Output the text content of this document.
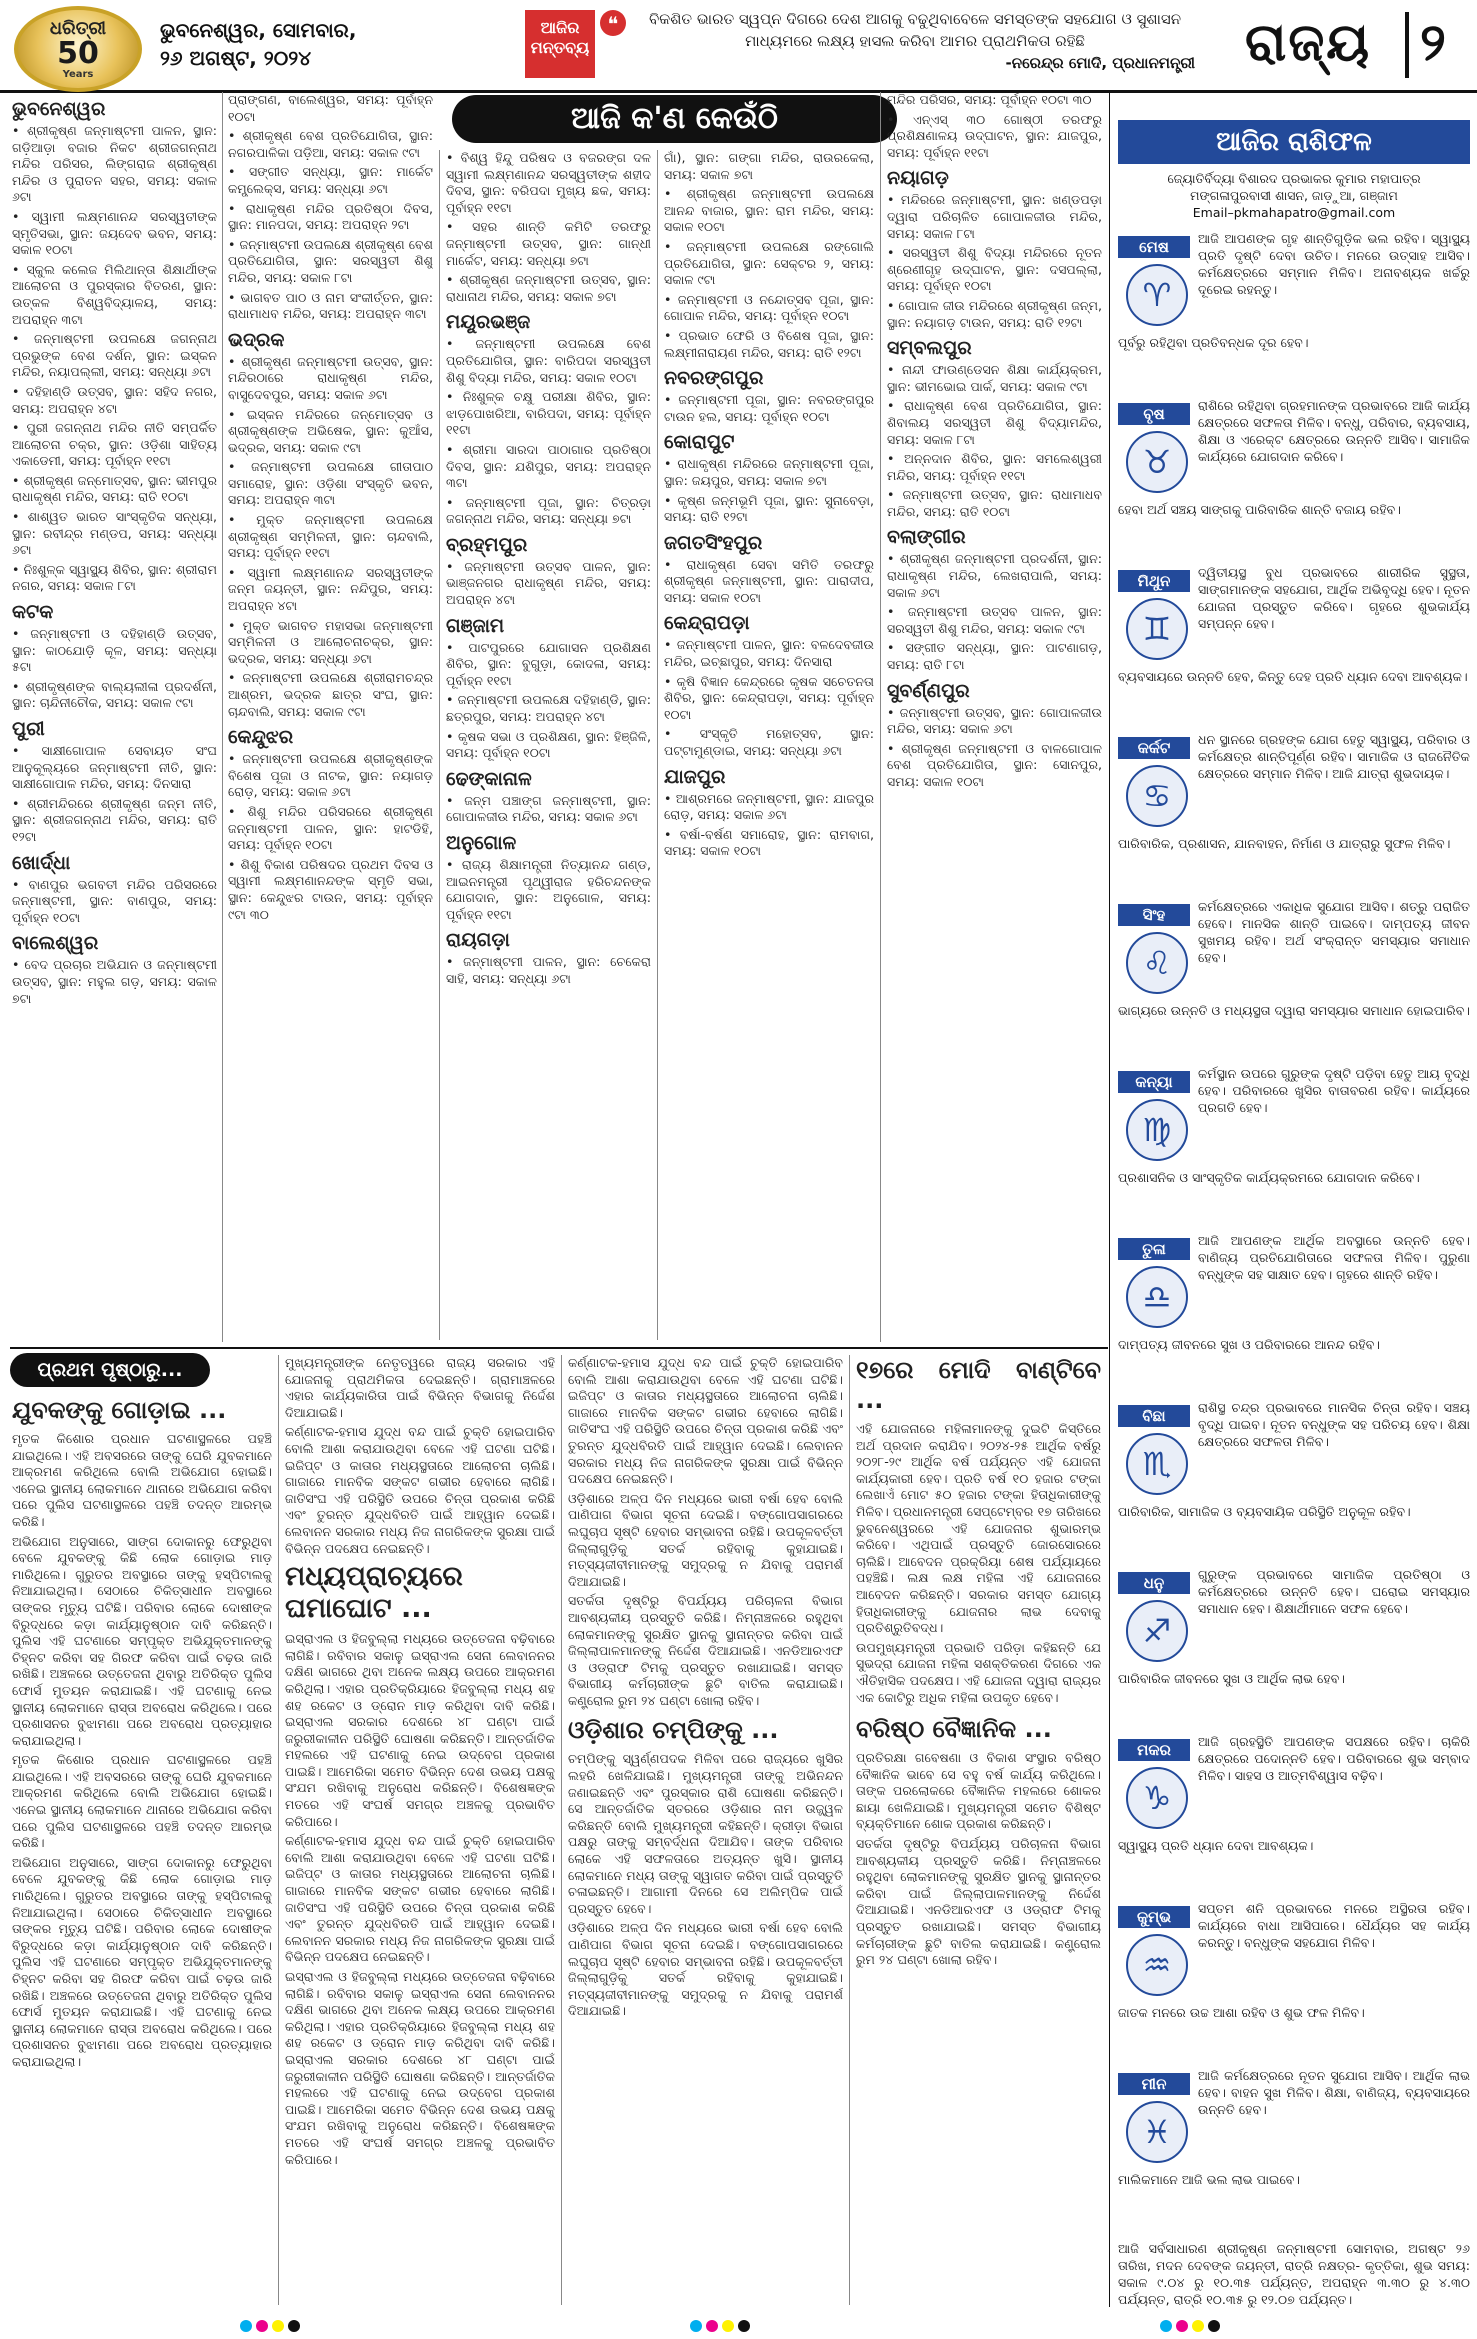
ଧରିତ୍ରୀ
50
Years
ଭୁବନେଶ୍ୱର, ସୋମବାର,
୨୬ ଅଗଷ୍ଟ, ୨୦୨୪
ଆଜିର ମନ୍ତବ୍ୟ
❝	ବିକଶିତ ଭାରତ ସ୍ୱପ୍ନ ଦିଗରେ ଦେଶ ଆଗକୁ ବଢୁଥିବାବେଳେ ସମସ୍ତଙ୍କ ସହଯୋଗ ଓ ସୁଶାସନ ମାଧ୍ୟମରେ ଲକ୍ଷ୍ୟ ହାସଲ କରିବା ଆମର ପ୍ରାଥମିକତା ରହିଛି
-ନରେନ୍ଦ୍ର ମୋଦି, ପ୍ରଧାନମନ୍ତ୍ରୀ ରାଜ୍ୟ ୨
ଆଜି କ'ଣ କେଉଁଠି
ଭୁବନେଶ୍ୱର

• ଶ୍ରୀକୃଷ୍ଣ ଜନ୍ମାଷ୍ଟମୀ ପାଳନ, ସ୍ଥାନ: ଗଡ଼ିଆଡ଼ା ବଜାର ନିକଟ ଶ୍ରୀଜଗନ୍ନାଥ ମନ୍ଦିର ପରିସର, ଲିଙ୍ଗରାଜ ଶ୍ରୀକୃଷ୍ଣ ମନ୍ଦିର ଓ ପୁରାତନ ସହର, ସମୟ: ସକାଳ ୬ଟା

• ସ୍ୱାମୀ ଲକ୍ଷ୍ମଣାନନ୍ଦ ସରସ୍ୱତୀଙ୍କ ସ୍ମୃତିସଭା, ସ୍ଥାନ: ଜୟଦେବ ଭବନ, ସମୟ: ସକାଳ ୧୦ଟା

• ସ୍କୁଲ କଲେଜ ମିଲିଥାନ୍ତା ଶିକ୍ଷାର୍ଥୀଙ୍କ ଆଲୋଚନା ଓ ପୁରସ୍କାର ବିତରଣ, ସ୍ଥାନ: ଉତ୍କଳ ବିଶ୍ୱବିଦ୍ୟାଳୟ, ସମୟ: ଅପରାହ୍ନ ୩ଟା

• ଜନ୍ମାଷ୍ଟମୀ ଉପଲକ୍ଷେ ଜଗନ୍ନାଥ ପ୍ରଭୁଙ୍କ ବେଶ ଦର୍ଶନ, ସ୍ଥାନ: ଇସ୍କନ ମନ୍ଦିର, ନୟାପଲ୍ଲୀ, ସମୟ: ସନ୍ଧ୍ୟା ୬ଟା

• ଦହିହାଣ୍ଡି ଉତ୍ସବ, ସ୍ଥାନ: ସହିଦ ନଗର, ସମୟ: ଅପରାହ୍ନ ୪ଟା

• ପୁରୀ ଜଗନ୍ନାଥ ମନ୍ଦିର ନୀତି ସମ୍ପର୍କିତ ଆଲୋଚନା ଚକ୍ର, ସ୍ଥାନ: ଓଡ଼ିଶା ସାହିତ୍ୟ ଏକାଡେମୀ, ସମୟ: ପୂର୍ବାହ୍ନ ୧୧ଟା

• ଶ୍ରୀକୃଷ୍ଣ ଜନ୍ମୋତ୍ସବ, ସ୍ଥାନ: ଭୀମପୁର ରାଧାକୃଷ୍ଣ ମନ୍ଦିର, ସମୟ: ରାତି ୧୦ଟା

• ଶାଶ୍ୱତ ଭାରତ ସାଂସ୍କୃତିକ ସନ୍ଧ୍ୟା, ସ୍ଥାନ: ରବୀନ୍ଦ୍ର ମଣ୍ଡପ, ସମୟ: ସନ୍ଧ୍ୟା ୬ଟା

• ନିଃଶୁଳ୍କ ସ୍ୱାସ୍ଥ୍ୟ ଶିବିର, ସ୍ଥାନ: ଶ୍ରୀରାମ ନଗର, ସମୟ: ସକାଳ ୮ଟା

କଟକ

• ଜନ୍ମାଷ୍ଟମୀ ଓ ଦହିହାଣ୍ଡି ଉତ୍ସବ, ସ୍ଥାନ: କାଠଯୋଡ଼ି କୂଳ, ସମୟ: ସନ୍ଧ୍ୟା ୫ଟା

• ଶ୍ରୀକୃଷ୍ଣଙ୍କ ବାଲ୍ୟଲୀଳା ପ୍ରଦର୍ଶନୀ, ସ୍ଥାନ: ଚାନ୍ଦିନୀଚୌକ, ସମୟ: ସକାଳ ୯ଟା

ପୁରୀ

• ସାକ୍ଷୀଗୋପାଳ ସେବାୟତ ସଂଘ ଆନୁକୂଲ୍ୟରେ ଜନ୍ମାଷ୍ଟମୀ ନୀତି, ସ୍ଥାନ: ସାକ୍ଷୀଗୋପାଳ ମନ୍ଦିର, ସମୟ: ଦିନସାରା

• ଶ୍ରୀମନ୍ଦିରରେ ଶ୍ରୀକୃଷ୍ଣ ଜନ୍ମ ନୀତି, ସ୍ଥାନ: ଶ୍ରୀଜଗନ୍ନାଥ ମନ୍ଦିର, ସମୟ: ରାତି ୧୨ଟା

ଖୋର୍ଦ୍ଧା

• ବାଣପୁର ଭଗବତୀ ମନ୍ଦିର ପରିସରରେ ଜନ୍ମାଷ୍ଟମୀ, ସ୍ଥାନ: ବାଣପୁର, ସମୟ: ପୂର୍ବାହ୍ନ ୧୦ଟା

ବାଲେଶ୍ୱର

• ବେଦ ପ୍ରଚାର ଅଭିଯାନ ଓ ଜନ୍ମାଷ୍ଟମୀ ଉତ୍ସବ, ସ୍ଥାନ: ମହୁଲ ଗଡ଼, ସମୟ: ସକାଳ ୭ଟା

ପ୍ରାଙ୍ଗଣ, ବାଲେଶ୍ୱର, ସମୟ: ପୂର୍ବାହ୍ନ ୧୦ଟା

• ଶ୍ରୀକୃଷ୍ଣ ବେଶ ପ୍ରତିଯୋଗିତା, ସ୍ଥାନ: ନଗରପାଳିକା ପଡ଼ିଆ, ସମୟ: ସକାଳ ୯ଟା

• ସଙ୍ଗୀତ ସନ୍ଧ୍ୟା, ସ୍ଥାନ: ମାର୍କେଟ କମ୍ପ୍ଲେକ୍ସ, ସମୟ: ସନ୍ଧ୍ୟା ୬ଟା

• ରାଧାକୃଷ୍ଣ ମନ୍ଦିର ପ୍ରତିଷ୍ଠା ଦିବସ, ସ୍ଥାନ: ମାନପଦା, ସମୟ: ଅପରାହ୍ନ ୨ଟା

• ଜନ୍ମାଷ୍ଟମୀ ଉପଲକ୍ଷେ ଶ୍ରୀକୃଷ୍ଣ ବେଶ ପ୍ରତିଯୋଗିତା, ସ୍ଥାନ: ସରସ୍ୱତୀ ଶିଶୁ ମନ୍ଦିର, ସମୟ: ସକାଳ ୮ଟା

• ଭାଗବତ ପାଠ ଓ ନାମ ସଂକୀର୍ତ୍ତନ, ସ୍ଥାନ: ରାଧାମାଧବ ମନ୍ଦିର, ସମୟ: ଅପରାହ୍ନ ୩ଟା

ଭଦ୍ରକ

• ଶ୍ରୀକୃଷ୍ଣ ଜନ୍ମାଷ୍ଟମୀ ଉତ୍ସବ, ସ୍ଥାନ: ମନ୍ଦିରଠାରେ ରାଧାକୃଷ୍ଣ ମନ୍ଦିର, ବାସୁଦେବପୁର, ସମୟ: ସକାଳ ୬ଟା

• ଇସ୍କନ ମନ୍ଦିରରେ ଜନ୍ମୋତ୍ସବ ଓ ଶ୍ରୀକୃଷ୍ଣଙ୍କ ଅଭିଷେକ, ସ୍ଥାନ: କୁଆଁସ, ଭଦ୍ରକ, ସମୟ: ସକାଳ ୯ଟା

• ଜନ୍ମାଷ୍ଟମୀ ଉପଲକ୍ଷେ ଗୀତାପାଠ ସମାରୋହ, ସ୍ଥାନ: ଓଡ଼ିଶା ସଂସ୍କୃତି ଭବନ, ସମୟ: ଅପରାହ୍ନ ୩ଟା

• ମୁକ୍ତ ଜନ୍ମାଷ୍ଟମୀ ଉପଲକ୍ଷେ ଶ୍ରୀକୃଷ୍ଣ ସମ୍ମିଳନୀ, ସ୍ଥାନ: ଚାନ୍ଦବାଲି, ସମୟ: ପୂର୍ବାହ୍ନ ୧୧ଟା

• ସ୍ୱାମୀ ଲକ୍ଷ୍ମଣାନନ୍ଦ ସରସ୍ୱତୀଙ୍କ ଜନ୍ମ ଜୟନ୍ତୀ, ସ୍ଥାନ: ନନ୍ଦିପୁର, ସମୟ: ଅପରାହ୍ନ ୪ଟା

• ମୁକ୍ତ ଭାଗବତ ମହାସଭା ଜନ୍ମାଷ୍ଟମୀ ସମ୍ମିଳନୀ ଓ ଆଲୋଚନାଚକ୍ର, ସ୍ଥାନ: ଭଦ୍ରକ, ସମୟ: ସନ୍ଧ୍ୟା ୬ଟା

• ଜନ୍ମାଷ୍ଟମୀ ଉପଲକ୍ଷେ ଶ୍ରୀରାମଚନ୍ଦ୍ର ଆଶ୍ରମ, ଭଦ୍ରକ ଛାତ୍ର ସଂଘ, ସ୍ଥାନ: ଚାନ୍ଦବାଲି, ସମୟ: ସକାଳ ୯ଟା

କେନ୍ଦୁଝର

• ଜନ୍ମାଷ୍ଟମୀ ଉପଲକ୍ଷେ ଶ୍ରୀକୃଷ୍ଣଙ୍କ ବିଶେଷ ପୂଜା ଓ ନାଟକ, ସ୍ଥାନ: ନୟାଗଡ଼ ରୋଡ଼, ସମୟ: ସକାଳ ୬ଟା

• ଶିଶୁ ମନ୍ଦିର ପରିସରରେ ଶ୍ରୀକୃଷ୍ଣ ଜନ୍ମାଷ୍ଟମୀ ପାଳନ, ସ୍ଥାନ: ହାଟଡିହି, ସମୟ: ପୂର୍ବାହ୍ନ ୧୦ଟା

• ଶିଶୁ ବିକାଶ ପରିଷଦର ପ୍ରଥମ ଦିବସ ଓ ସ୍ୱାମୀ ଲକ୍ଷ୍ମଣାନନ୍ଦଙ୍କ ସ୍ମୃତି ସଭା, ସ୍ଥାନ: କେନ୍ଦୁଝର ଟାଉନ, ସମୟ: ପୂର୍ବାହ୍ନ ୯ଟା ୩୦

• ବିଶ୍ୱ ହିନ୍ଦୁ ପରିଷଦ ଓ ବଜରଙ୍ଗ ଦଳ ସ୍ୱାମୀ ଲକ୍ଷ୍ମଣାନନ୍ଦ ସରସ୍ୱତୀଙ୍କ ଶହୀଦ ଦିବସ, ସ୍ଥାନ: ବରିପଦା ମୁଖ୍ୟ ଛକ, ସମୟ: ପୂର୍ବାହ୍ନ ୧୧ଟା

• ସହର ଶାନ୍ତି କମିଟି ତରଫରୁ ଜନ୍ମାଷ୍ଟମୀ ଉତ୍ସବ, ସ୍ଥାନ: ଗାନ୍ଧୀ ମାର୍କେଟ, ସମୟ: ସନ୍ଧ୍ୟା ୭ଟା

• ଶ୍ରୀକୃଷ୍ଣ ଜନ୍ମାଷ୍ଟମୀ ଉତ୍ସବ, ସ୍ଥାନ: ରାଧାନାଥ ମନ୍ଦିର, ସମୟ: ସକାଳ ୭ଟା

ମୟୂରଭଞ୍ଜ

• ଜନ୍ମାଷ୍ଟମୀ ଉପଲକ୍ଷେ ବେଶ ପ୍ରତିଯୋଗିତା, ସ୍ଥାନ: ବାରିପଦା ସରସ୍ୱତୀ ଶିଶୁ ବିଦ୍ୟା ମନ୍ଦିର, ସମୟ: ସକାଳ ୧୦ଟା

• ନିଃଶୁଳ୍କ ଚକ୍ଷୁ ପରୀକ୍ଷା ଶିବିର, ସ୍ଥାନ: ଝାଡ଼ପୋଖରିଆ, ବାରିପଦା, ସମୟ: ପୂର୍ବାହ୍ନ ୧୧ଟା

• ଶ୍ରୀମା ସାରଦା ପାଠାଗାର ପ୍ରତିଷ୍ଠା ଦିବସ, ସ୍ଥାନ: ଯଶିପୁର, ସମୟ: ଅପରାହ୍ନ ୩ଟା

• ଜନ୍ମାଷ୍ଟମୀ ପୂଜା, ସ୍ଥାନ: ଚିତ୍ରଡ଼ା ଜଗନ୍ନାଥ ମନ୍ଦିର, ସମୟ: ସନ୍ଧ୍ୟା ୭ଟା

ବ୍ରହ୍ମପୁର

• ଜନ୍ମାଷ୍ଟମୀ ଉତ୍ସବ ପାଳନ, ସ୍ଥାନ: ଭାଞ୍ଜନଗର ରାଧାକୃଷ୍ଣ ମନ୍ଦିର, ସମୟ: ଅପରାହ୍ନ ୪ଟା

ଗଞ୍ଜାମ

• ପାଟପୁରରେ ଯୋଗାସନ ପ୍ରଶିକ୍ଷଣ ଶିବିର, ସ୍ଥାନ: ବୁଗୁଡ଼ା, କୋଦଳା, ସମୟ: ପୂର୍ବାହ୍ନ ୧୧ଟା

• ଜନ୍ମାଷ୍ଟମୀ ଉପଲକ୍ଷେ ଦହିହାଣ୍ଡି, ସ୍ଥାନ: ଛତ୍ରପୁର, ସମୟ: ଅପରାହ୍ନ ୪ଟା

• କୃଷକ ସଭା ଓ ପ୍ରଶିକ୍ଷଣ, ସ୍ଥାନ: ହିଞ୍ଜିଳି, ସମୟ: ପୂର୍ବାହ୍ନ ୧୦ଟା

ଢେଙ୍କାନାଳ

• ଜନ୍ମ ପଞ୍ଚାଙ୍ଗ ଜନ୍ମାଷ୍ଟମୀ, ସ୍ଥାନ: ଗୋପାଳଜୀଉ ମନ୍ଦିର, ସମୟ: ସକାଳ ୬ଟା

ଅନୁଗୋଳ

• ରାଜ୍ୟ ଶିକ୍ଷାମନ୍ତ୍ରୀ ନିତ୍ୟାନନ୍ଦ ଗଣ୍ଡ, ଆଇନମନ୍ତ୍ରୀ ପୃଥ୍ୱୀରାଜ ହରିଚନ୍ଦନଙ୍କ ଯୋଗଦାନ, ସ୍ଥାନ: ଅନୁଗୋଳ, ସମୟ: ପୂର୍ବାହ୍ନ ୧୧ଟା

ରାୟଗଡ଼ା

• ଜନ୍ମାଷ୍ଟମୀ ପାଳନ, ସ୍ଥାନ: ଚେକେରା ସାହି, ସମୟ: ସନ୍ଧ୍ୟା ୬ଟା

ଗାଁ), ସ୍ଥାନ: ଗଙ୍ଗା ମନ୍ଦିର, ରାଉରକେଲା, ସମୟ: ସକାଳ ୭ଟା

• ଶ୍ରୀକୃଷ୍ଣ ଜନ୍ମାଷ୍ଟମୀ ଉପଲକ୍ଷେ ଆନନ୍ଦ ବାଜାର, ସ୍ଥାନ: ରାମ ମନ୍ଦିର, ସମୟ: ସକାଳ ୧୦ଟା

• ଜନ୍ମାଷ୍ଟମୀ ଉପଲକ୍ଷେ ରଙ୍ଗୋଲି ପ୍ରତିଯୋଗିତା, ସ୍ଥାନ: ସେକ୍ଟର ୨, ସମୟ: ସକାଳ ୯ଟା

• ଜନ୍ମାଷ୍ଟମୀ ଓ ନନ୍ଦୋତ୍ସବ ପୂଜା, ସ୍ଥାନ: ଗୋପାଳ ମନ୍ଦିର, ସମୟ: ପୂର୍ବାହ୍ନ ୧୦ଟା

• ପ୍ରଭାତ ଫେରି ଓ ବିଶେଷ ପୂଜା, ସ୍ଥାନ: ଲକ୍ଷ୍ମୀନାରାୟଣ ମନ୍ଦିର, ସମୟ: ରାତି ୧୨ଟା

ନବରଙ୍ଗପୁର

• ଜନ୍ମାଷ୍ଟମୀ ପୂଜା, ସ୍ଥାନ: ନବରଙ୍ଗପୁର ଟାଉନ ହଲ, ସମୟ: ପୂର୍ବାହ୍ନ ୧୦ଟା

କୋରାପୁଟ

• ରାଧାକୃଷ୍ଣ ମନ୍ଦିରରେ ଜନ୍ମାଷ୍ଟମୀ ପୂଜା, ସ୍ଥାନ: ଜୟପୁର, ସମୟ: ସକାଳ ୭ଟା

• କୃଷ୍ଣ ଜନ୍ମଭୂମି ପୂଜା, ସ୍ଥାନ: ସୁନାବେଡ଼ା, ସମୟ: ରାତି ୧୨ଟା

ଜଗତସିଂହପୁର

• ରାଧାକୃଷ୍ଣ ସେବା ସମିତି ତରଫରୁ ଶ୍ରୀକୃଷ୍ଣ ଜନ୍ମାଷ୍ଟମୀ, ସ୍ଥାନ: ପାରାଦୀପ, ସମୟ: ସକାଳ ୧୦ଟା

କେନ୍ଦ୍ରାପଡ଼ା

• ଜନ୍ମାଷ୍ଟମୀ ପାଳନ, ସ୍ଥାନ: ବଳଦେବଜୀଉ ମନ୍ଦିର, ଇଚ୍ଛାପୁର, ସମୟ: ଦିନସାରା

• କୃଷି ବିଜ୍ଞାନ କେନ୍ଦ୍ରରେ କୃଷକ ସଚେତନତା ଶିବିର, ସ୍ଥାନ: କେନ୍ଦ୍ରାପଡ଼ା, ସମୟ: ପୂର୍ବାହ୍ନ ୧୦ଟା

• ସଂସ୍କୃତି ମହୋତ୍ସବ, ସ୍ଥାନ: ପଟ୍ଟାମୁଣ୍ଡାଇ, ସମୟ: ସନ୍ଧ୍ୟା ୬ଟା

ଯାଜପୁର

• ଆଶ୍ରମରେ ଜନ୍ମାଷ୍ଟମୀ, ସ୍ଥାନ: ଯାଜପୁର ରୋଡ଼, ସମୟ: ସକାଳ ୬ଟା

• ବର୍ଷା-ବର୍ଷଣ ସମାରୋହ, ସ୍ଥାନ: ରାମବାଗ, ସମୟ: ସକାଳ ୧୦ଟା

ମନ୍ଦିର ପରିସର, ସମୟ: ପୂର୍ବାହ୍ନ ୧୦ଟା ୩୦

• ଏନ୍‌ଏସ୍‌ ୩୦ ଗୋଷ୍ଠୀ ତରଫରୁ ପ୍ରଶିକ୍ଷଣାଳୟ ଉଦ୍‌ଘାଟନ, ସ୍ଥାନ: ଯାଜପୁର, ସମୟ: ପୂର୍ବାହ୍ନ ୧୧ଟା

ନୟାଗଡ଼

• ମନ୍ଦିରରେ ଜନ୍ମାଷ୍ଟମୀ, ସ୍ଥାନ: ଖଣ୍ଡପଡ଼ା ଦ୍ୱାରା ପରିଚାଳିତ ଗୋପାଳଜୀଉ ମନ୍ଦିର, ସମୟ: ସକାଳ ୮ଟା

• ସରସ୍ୱତୀ ଶିଶୁ ବିଦ୍ୟା ମନ୍ଦିରରେ ନୂତନ ଶ୍ରେଣୀଗୃହ ଉଦ୍‌ଘାଟନ, ସ୍ଥାନ: ଦସପଲ୍ଲା, ସମୟ: ପୂର୍ବାହ୍ନ ୧୦ଟା

• ଗୋପାଳ ଜୀଉ ମନ୍ଦିରରେ ଶ୍ରୀକୃଷ୍ଣ ଜନ୍ମ, ସ୍ଥାନ: ନୟାଗଡ଼ ଟାଉନ, ସମୟ: ରାତି ୧୨ଟା

ସମ୍ବଲପୁର

• ନାନ୍ଦୀ ଫାଉଣ୍ଡେସନ ଶିକ୍ଷା କାର୍ଯ୍ୟକ୍ରମ, ସ୍ଥାନ: ଭୀମଭୋଇ ପାର୍କ, ସମୟ: ସକାଳ ୯ଟା

• ରାଧାକୃଷ୍ଣ ବେଶ ପ୍ରତିଯୋଗିତା, ସ୍ଥାନ: ଶିବାଲୟ ସରସ୍ୱତୀ ଶିଶୁ ବିଦ୍ୟାମନ୍ଦିର, ସମୟ: ସକାଳ ୮ଟା

• ଅନ୍ନଦାନ ଶିବିର, ସ୍ଥାନ: ସମଲେଶ୍ୱରୀ ମନ୍ଦିର, ସମୟ: ପୂର୍ବାହ୍ନ ୧୧ଟା

• ଜନ୍ମାଷ୍ଟମୀ ଉତ୍ସବ, ସ୍ଥାନ: ରାଧାମାଧବ ମନ୍ଦିର, ସମୟ: ରାତି ୧୦ଟା

ବଲାଙ୍ଗୀର

• ଶ୍ରୀକୃଷ୍ଣ ଜନ୍ମାଷ୍ଟମୀ ପ୍ରଦର୍ଶନୀ, ସ୍ଥାନ: ରାଧାକୃଷ୍ଣ ମନ୍ଦିର, ଲେଖରାପାଲି, ସମୟ: ସକାଳ ୬ଟା

• ଜନ୍ମାଷ୍ଟମୀ ଉତ୍ସବ ପାଳନ, ସ୍ଥାନ: ସରସ୍ୱତୀ ଶିଶୁ ମନ୍ଦିର, ସମୟ: ସକାଳ ୯ଟା

• ସଙ୍ଗୀତ ସନ୍ଧ୍ୟା, ସ୍ଥାନ: ପାଟଣାଗଡ଼, ସମୟ: ରାତି ୮ଟା

ସୁବର୍ଣ୍ଣପୁର

• ଜନ୍ମାଷ୍ଟମୀ ଉତ୍ସବ, ସ୍ଥାନ: ଗୋପାଳଜୀଉ ମନ୍ଦିର, ସମୟ: ସକାଳ ୬ଟା

• ଶ୍ରୀକୃଷ୍ଣ ଜନ୍ମାଷ୍ଟମୀ ଓ ବାଳଗୋପାଳ ବେଶ ପ୍ରତିଯୋଗିତା, ସ୍ଥାନ: ସୋନପୁର, ସମୟ: ସକାଳ ୧୦ଟା

ଆଜିର ରାଶିଫଳ
ଜ୍ୟୋତିର୍ବିଦ୍ୟା ବିଶାରଦ ପ୍ରଭାକର କୁମାର ମହାପାତ୍ର
ମଙ୍ଗଳାପୁରବାସୀ ଶାସନ, ଜାଡ଼ୁଆ, ଗଞ୍ଜାମ
Email–pkmahapatro@gmail.com
ମେଷ
♈
ଆଜି ଆପଣଙ୍କ ଗୃହ ଶାନ୍ତିଗୁଡ଼ିକ ଭଲ ରହିବ। ସ୍ୱାସ୍ଥ୍ୟ ପ୍ରତି ଦୃଷ୍ଟି ଦେବା ଉଚିତ। ମନରେ ଉତ୍ସାହ ଆସିବ। କର୍ମକ୍ଷେତ୍ରରେ ସମ୍ମାନ ମିଳିବ। ଅନାବଶ୍ୟକ ଖର୍ଚ୍ଚରୁ ଦୂରେଇ ରହନ୍ତୁ।
ପୂର୍ବରୁ ରହିଥିବା ପ୍ରତିବନ୍ଧକ ଦୂର ହେବ।
ବୃଷ
♉
ରାଶିରେ ରହିଥିବା ଗ୍ରହମାନଙ୍କ ପ୍ରଭାବରେ ଆଜି କାର୍ଯ୍ୟ କ୍ଷେତ୍ରରେ ସଫଳତା ମିଳିବ। ବନ୍ଧୁ, ପରିବାର, ବ୍ୟବସାୟ, ଶିକ୍ଷା ଓ ଏରେକ୍ଟ କ୍ଷେତ୍ରରେ ଉନ୍ନତି ଆସିବ। ସାମାଜିକ କାର୍ଯ୍ୟରେ ଯୋଗଦାନ କରିବେ।
ହେବା ଅର୍ଥ ସଞ୍ଚୟ ସାଙ୍ଗକୁ ପାରିବାରିକ ଶାନ୍ତି ବଜାୟ ରହିବ।
ମିଥୁନ
♊
ଦ୍ୱିତୀୟସ୍ଥ ବୁଧ ପ୍ରଭାବରେ ଶାରୀରିକ ସୁସ୍ଥତା, ସାଙ୍ଗମାନଙ୍କ ସହଯୋଗ, ଆର୍ଥିକ ଅଭିବୃଦ୍ଧି ହେବ। ନୂତନ ଯୋଜନା ପ୍ରସ୍ତୁତ କରିବେ। ଗୃହରେ ଶୁଭକାର୍ଯ୍ୟ ସମ୍ପନ୍ନ ହେବ।
ବ୍ୟବସାୟରେ ଉନ୍ନତି ହେବ, କିନ୍ତୁ ଦେହ ପ୍ରତି ଧ୍ୟାନ ଦେବା ଆବଶ୍ୟକ।
କର୍କଟ
♋
ଧନ ସ୍ଥାନରେ ଗ୍ରହଙ୍କ ଯୋଗ ହେତୁ ସ୍ୱାସ୍ଥ୍ୟ, ପରିବାର ଓ କର୍ମକ୍ଷେତ୍ର ଶାନ୍ତିପୂର୍ଣ୍ଣ ରହିବ। ସାମାଜିକ ଓ ରାଜନୈତିକ କ୍ଷେତ୍ରରେ ସମ୍ମାନ ମିଳିବ। ଆଜି ଯାତ୍ରା ଶୁଭଦାୟକ।
ପାରିବାରିକ, ପ୍ରଶାସନ, ଯାନବାହନ, ନିର୍ମାଣ ଓ ଯାତ୍ରାରୁ ସୁଫଳ ମିଳିବ।
ସିଂହ
♌
କର୍ମକ୍ଷେତ୍ରରେ ଏକାଧିକ ସୁଯୋଗ ଆସିବ। ଶତ୍ରୁ ପରାଜିତ ହେବେ। ମାନସିକ ଶାନ୍ତି ପାଇବେ। ଦାମ୍ପତ୍ୟ ଜୀବନ ସୁଖମୟ ରହିବ। ଅର୍ଥ ସଂକ୍ରାନ୍ତ ସମସ୍ୟାର ସମାଧାନ ହେବ।
ଭାଗ୍ୟରେ ଉନ୍ନତି ଓ ମଧ୍ୟସ୍ଥତା ଦ୍ୱାରା ସମସ୍ୟାର ସମାଧାନ ହୋଇପାରିବ।
କନ୍ୟା
♍
କର୍ମସ୍ଥାନ ଉପରେ ଗୁରୁଙ୍କ ଦୃଷ୍ଟି ପଡ଼ିବା ହେତୁ ଆୟ ବୃଦ୍ଧି ହେବ। ପରିବାରରେ ଖୁସିର ବାତାବରଣ ରହିବ। କାର୍ଯ୍ୟରେ ପ୍ରଗତି ହେବ।
ପ୍ରଶାସନିକ ଓ ସାଂସ୍କୃତିକ କାର୍ଯ୍ୟକ୍ରମରେ ଯୋଗଦାନ କରିବେ।
ତୁଳା
♎
ଆଜି ଆପଣଙ୍କ ଆର୍ଥିକ ଅବସ୍ଥାରେ ଉନ୍ନତି ହେବ। ବାଣିଜ୍ୟ ପ୍ରତିଯୋଗିତାରେ ସଫଳତା ମିଳିବ। ପୁରୁଣା ବନ୍ଧୁଙ୍କ ସହ ସାକ୍ଷାତ ହେବ। ଗୃହରେ ଶାନ୍ତି ରହିବ।
ଦାମ୍ପତ୍ୟ ଜୀବନରେ ସୁଖ ଓ ପରିବାରରେ ଆନନ୍ଦ ରହିବ।
ବିଛା
♏
ରାଶିସ୍ଥ ଚନ୍ଦ୍ର ପ୍ରଭାବରେ ମାନସିକ ଚିନ୍ତା ରହିବ। ସଞ୍ଚୟ ବୃଦ୍ଧି ପାଇବ। ନୂତନ ବନ୍ଧୁଙ୍କ ସହ ପରିଚୟ ହେବ। ଶିକ୍ଷା କ୍ଷେତ୍ରରେ ସଫଳତା ମିଳିବ।
ପାରିବାରିକ, ସାମାଜିକ ଓ ବ୍ୟବସାୟିକ ପରିସ୍ଥିତି ଅନୁକୂଳ ରହିବ।
ଧନୁ
♐
ଗୁରୁଙ୍କ ପ୍ରଭାବରେ ସାମାଜିକ ପ୍ରତିଷ୍ଠା ଓ କର୍ମକ୍ଷେତ୍ରରେ ଉନ୍ନତି ହେବ। ଘରୋଇ ସମସ୍ୟାର ସମାଧାନ ହେବ। ଶିକ୍ଷାର୍ଥୀମାନେ ସଫଳ ହେବେ।
ପାରିବାରିକ ଜୀବନରେ ସୁଖ ଓ ଆର୍ଥିକ ଲାଭ ହେବ।
ମକର
♑
ଆଜି ଗ୍ରହସ୍ଥିତି ଆପଣଙ୍କ ସପକ୍ଷରେ ରହିବ। ଚାକିରି କ୍ଷେତ୍ରରେ ପଦୋନ୍ନତି ହେବ। ପରିବାରରେ ଶୁଭ ସମ୍ବାଦ ମିଳିବ। ସାହସ ଓ ଆତ୍ମବିଶ୍ୱାସ ବଢ଼ିବ।
ସ୍ୱାସ୍ଥ୍ୟ ପ୍ରତି ଧ୍ୟାନ ଦେବା ଆବଶ୍ୟକ।
କୁମ୍ଭ
♒
ସପ୍ତମ ଶନି ପ୍ରଭାବରେ ମନରେ ଅସ୍ଥିରତା ରହିବ। କାର୍ଯ୍ୟରେ ବାଧା ଆସିପାରେ। ଧୈର୍ଯ୍ୟର ସହ କାର୍ଯ୍ୟ କରନ୍ତୁ। ବନ୍ଧୁଙ୍କ ସହଯୋଗ ମିଳିବ।
ଜାତକ ମନରେ ଉଚ୍ଚ ଆଶା ରହିବ ଓ ଶୁଭ ଫଳ ମିଳିବ।
ମୀନ
♓
ଆଜି କର୍ମକ୍ଷେତ୍ରରେ ନୂତନ ସୁଯୋଗ ଆସିବ। ଆର୍ଥିକ ଲାଭ ହେବ। ବାହନ ସୁଖ ମିଳିବ। ଶିକ୍ଷା, ବାଣିଜ୍ୟ, ବ୍ୟବସାୟରେ ଉନ୍ନତି ହେବ।
ମାଲିକମାନେ ଆଜି ଭଲ ଲାଭ ପାଇବେ।
ଆଜି ସର୍ବସାଧାରଣ ଶ୍ରୀକୃଷ୍ଣ ଜନ୍ମାଷ୍ଟମୀ ସୋମବାର, ଅଗଷ୍ଟ ୨୬ ତାରିଖ, ମଦନ ଦେବଙ୍କ ଜୟନ୍ତୀ, ରାତ୍ରି ନକ୍ଷତ୍ର- କୃତ୍ତିକା, ଶୁଭ ସମୟ: ସକାଳ ୯.୦୪ ରୁ ୧୦.୩୫ ପର୍ଯ୍ୟନ୍ତ, ଅପରାହ୍ନ ୩.୩୦ ରୁ ୪.୩୦ ପର୍ଯ୍ୟନ୍ତ, ରାତ୍ରି ୧୦.୩୫ ରୁ ୧୨.୦୭ ପର୍ଯ୍ୟନ୍ତ।
ପ୍ରଥମ ପୃଷ୍ଠାରୁ...
ଯୁବକଙ୍କୁ ଗୋଡ଼ାଇ ...

ମୃତକ କିଶୋର ପ୍ରଧାନ ଘଟଣାସ୍ଥଳରେ ପହଞ୍ଚି ଯାଇଥିଲେ। ଏହି ଅବସରରେ ତାଙ୍କୁ ଘେରି ଯୁବକମାନେ ଆକ୍ରମଣ କରିଥିଲେ ବୋଲି ଅଭିଯୋଗ ହୋଇଛି। ଏନେଇ ସ୍ଥାନୀୟ ଲୋକମାନେ ଥାନାରେ ଅଭିଯୋଗ କରିବା ପରେ ପୁଲିସ ଘଟଣାସ୍ଥଳରେ ପହଞ୍ଚି ତଦନ୍ତ ଆରମ୍ଭ କରିଛି।

ଅଭିଯୋଗ ଅନୁସାରେ, ସାଙ୍ଗ ଦୋକାନରୁ ଫେରୁଥିବା ବେଳେ ଯୁବକଙ୍କୁ କିଛି ଲୋକ ଗୋଡ଼ାଇ ମାଡ଼ ମାରିଥିଲେ। ଗୁରୁତର ଅବସ୍ଥାରେ ତାଙ୍କୁ ହସ୍ପିଟାଲକୁ ନିଆଯାଇଥିଲା। ସେଠାରେ ଚିକିତ୍ସାଧୀନ ଅବସ୍ଥାରେ ତାଙ୍କର ମୃତ୍ୟୁ ଘଟିଛି। ପରିବାର ଲୋକେ ଦୋଷୀଙ୍କ ବିରୁଦ୍ଧରେ କଡ଼ା କାର୍ଯ୍ୟାନୁଷ୍ଠାନ ଦାବି କରିଛନ୍ତି। ପୁଲିସ ଏହି ଘଟଣାରେ ସମ୍ପୃକ୍ତ ଅଭିଯୁକ୍ତମାନଙ୍କୁ ଚିହ୍ନଟ କରିବା ସହ ଗିରଫ କରିବା ପାଇଁ ଚଢ଼ଉ ଜାରି ରଖିଛି। ଅଞ୍ଚଳରେ ଉତ୍ତେଜନା ଥିବାରୁ ଅତିରିକ୍ତ ପୁଲିସ ଫୋର୍ସ ମୁତୟନ କରାଯାଇଛି। ଏହି ଘଟଣାକୁ ନେଇ ସ୍ଥାନୀୟ ଲୋକମାନେ ରାସ୍ତା ଅବରୋଧ କରିଥିଲେ। ପରେ ପ୍ରଶାସନର ବୁଝାମଣା ପରେ ଅବରୋଧ ପ୍ରତ୍ୟାହାର କରାଯାଇଥିଲା।

ମୃତକ କିଶୋର ପ୍ରଧାନ ଘଟଣାସ୍ଥଳରେ ପହଞ୍ଚି ଯାଇଥିଲେ। ଏହି ଅବସରରେ ତାଙ୍କୁ ଘେରି ଯୁବକମାନେ ଆକ୍ରମଣ କରିଥିଲେ ବୋଲି ଅଭିଯୋଗ ହୋଇଛି। ଏନେଇ ସ୍ଥାନୀୟ ଲୋକମାନେ ଥାନାରେ ଅଭିଯୋଗ କରିବା ପରେ ପୁଲିସ ଘଟଣାସ୍ଥଳରେ ପହଞ୍ଚି ତଦନ୍ତ ଆରମ୍ଭ କରିଛି।

ଅଭିଯୋଗ ଅନୁସାରେ, ସାଙ୍ଗ ଦୋକାନରୁ ଫେରୁଥିବା ବେଳେ ଯୁବକଙ୍କୁ କିଛି ଲୋକ ଗୋଡ଼ାଇ ମାଡ଼ ମାରିଥିଲେ। ଗୁରୁତର ଅବସ୍ଥାରେ ତାଙ୍କୁ ହସ୍ପିଟାଲକୁ ନିଆଯାଇଥିଲା। ସେଠାରେ ଚିକିତ୍ସାଧୀନ ଅବସ୍ଥାରେ ତାଙ୍କର ମୃତ୍ୟୁ ଘଟିଛି। ପରିବାର ଲୋକେ ଦୋଷୀଙ୍କ ବିରୁଦ୍ଧରେ କଡ଼ା କାର୍ଯ୍ୟାନୁଷ୍ଠାନ ଦାବି କରିଛନ୍ତି। ପୁଲିସ ଏହି ଘଟଣାରେ ସମ୍ପୃକ୍ତ ଅଭିଯୁକ୍ତମାନଙ୍କୁ ଚିହ୍ନଟ କରିବା ସହ ଗିରଫ କରିବା ପାଇଁ ଚଢ଼ଉ ଜାରି ରଖିଛି। ଅଞ୍ଚଳରେ ଉତ୍ତେଜନା ଥିବାରୁ ଅତିରିକ୍ତ ପୁଲିସ ଫୋର୍ସ ମୁତୟନ କରାଯାଇଛି। ଏହି ଘଟଣାକୁ ନେଇ ସ୍ଥାନୀୟ ଲୋକମାନେ ରାସ୍ତା ଅବରୋଧ କରିଥିଲେ। ପରେ ପ୍ରଶାସନର ବୁଝାମଣା ପରେ ଅବରୋଧ ପ୍ରତ୍ୟାହାର କରାଯାଇଥିଲା।

ମୁଖ୍ୟମନ୍ତ୍ରୀଙ୍କ ନେତୃତ୍ୱରେ ରାଜ୍ୟ ସରକାର ଏହି ଯୋଜନାକୁ ପ୍ରାଥମିକତା ଦେଇଛନ୍ତି। ଗ୍ରାମାଞ୍ଚଳରେ ଏହାର କାର୍ଯ୍ୟକାରିତା ପାଇଁ ବିଭିନ୍ନ ବିଭାଗକୁ ନିର୍ଦ୍ଦେଶ ଦିଆଯାଇଛି।

କର୍ଣ୍ଣାଟକ-ହମାସ ଯୁଦ୍ଧ ବନ୍ଦ ପାଇଁ ଚୁକ୍ତି ହୋଇପାରିବ ବୋଲି ଆଶା କରାଯାଉଥିବା ବେଳେ ଏହି ଘଟଣା ଘଟିଛି। ଇଜିପ୍ଟ ଓ କାତାର ମଧ୍ୟସ୍ଥତାରେ ଆଲୋଚନା ଚାଲିଛି। ଗାଜାରେ ମାନବିକ ସଙ୍କଟ ଗଭୀର ହେବାରେ ଲାଗିଛି। ଜାତିସଂଘ ଏହି ପରିସ୍ଥିତି ଉପରେ ଚିନ୍ତା ପ୍ରକାଶ କରିଛି ଏବଂ ତୁରନ୍ତ ଯୁଦ୍ଧବିରତି ପାଇଁ ଆହ୍ୱାନ ଦେଇଛି। ଲେବାନନ ସରକାର ମଧ୍ୟ ନିଜ ନାଗରିକଙ୍କ ସୁରକ୍ଷା ପାଇଁ ବିଭିନ୍ନ ପଦକ୍ଷେପ ନେଇଛନ୍ତି।

ମଧ୍ୟପ୍ରାଚ୍ୟରେ ଘମାଘୋଟ ...

ଇସ୍ରାଏଲ ଓ ହିଜବୁଲ୍ଲା ମଧ୍ୟରେ ଉତ୍ତେଜନା ବଢ଼ିବାରେ ଲାଗିଛି। ରବିବାର ସକାଳୁ ଇସ୍ରାଏଲ ସେନା ଲେବାନନର ଦକ୍ଷିଣ ଭାଗରେ ଥିବା ଅନେକ ଲକ୍ଷ୍ୟ ଉପରେ ଆକ୍ରମଣ କରିଥିଲା। ଏହାର ପ୍ରତିକ୍ରିୟାରେ ହିଜବୁଲ୍ଲା ମଧ୍ୟ ଶହ ଶହ ରକେଟ ଓ ଡ୍ରୋନ ମାଡ଼ କରିଥିବା ଦାବି କରିଛି। ଇସ୍ରାଏଲ ସରକାର ଦେଶରେ ୪୮ ଘଣ୍ଟା ପାଇଁ ଜରୁରୀକାଳୀନ ପରିସ୍ଥିତି ଘୋଷଣା କରିଛନ୍ତି। ଆନ୍ତର୍ଜାତିକ ମହଲରେ ଏହି ଘଟଣାକୁ ନେଇ ଉଦ୍ବେଗ ପ୍ରକାଶ ପାଇଛି। ଆମେରିକା ସମେତ ବିଭିନ୍ନ ଦେଶ ଉଭୟ ପକ୍ଷକୁ ସଂଯମ ରଖିବାକୁ ଅନୁରୋଧ କରିଛନ୍ତି। ବିଶେଷଜ୍ଞଙ୍କ ମତରେ ଏହି ସଂଘର୍ଷ ସମଗ୍ର ଅଞ୍ଚଳକୁ ପ୍ରଭାବିତ କରିପାରେ।

କର୍ଣ୍ଣାଟକ-ହମାସ ଯୁଦ୍ଧ ବନ୍ଦ ପାଇଁ ଚୁକ୍ତି ହୋଇପାରିବ ବୋଲି ଆଶା କରାଯାଉଥିବା ବେଳେ ଏହି ଘଟଣା ଘଟିଛି। ଇଜିପ୍ଟ ଓ କାତାର ମଧ୍ୟସ୍ଥତାରେ ଆଲୋଚନା ଚାଲିଛି। ଗାଜାରେ ମାନବିକ ସଙ୍କଟ ଗଭୀର ହେବାରେ ଲାଗିଛି। ଜାତିସଂଘ ଏହି ପରିସ୍ଥିତି ଉପରେ ଚିନ୍ତା ପ୍ରକାଶ କରିଛି ଏବଂ ତୁରନ୍ତ ଯୁଦ୍ଧବିରତି ପାଇଁ ଆହ୍ୱାନ ଦେଇଛି। ଲେବାନନ ସରକାର ମଧ୍ୟ ନିଜ ନାଗରିକଙ୍କ ସୁରକ୍ଷା ପାଇଁ ବିଭିନ୍ନ ପଦକ୍ଷେପ ନେଇଛନ୍ତି।

ଇସ୍ରାଏଲ ଓ ହିଜବୁଲ୍ଲା ମଧ୍ୟରେ ଉତ୍ତେଜନା ବଢ଼ିବାରେ ଲାଗିଛି। ରବିବାର ସକାଳୁ ଇସ୍ରାଏଲ ସେନା ଲେବାନନର ଦକ୍ଷିଣ ଭାଗରେ ଥିବା ଅନେକ ଲକ୍ଷ୍ୟ ଉପରେ ଆକ୍ରମଣ କରିଥିଲା। ଏହାର ପ୍ରତିକ୍ରିୟାରେ ହିଜବୁଲ୍ଲା ମଧ୍ୟ ଶହ ଶହ ରକେଟ ଓ ଡ୍ରୋନ ମାଡ଼ କରିଥିବା ଦାବି କରିଛି। ଇସ୍ରାଏଲ ସରକାର ଦେଶରେ ୪୮ ଘଣ୍ଟା ପାଇଁ ଜରୁରୀକାଳୀନ ପରିସ୍ଥିତି ଘୋଷଣା କରିଛନ୍ତି। ଆନ୍ତର୍ଜାତିକ ମହଲରେ ଏହି ଘଟଣାକୁ ନେଇ ଉଦ୍ବେଗ ପ୍ରକାଶ ପାଇଛି। ଆମେରିକା ସମେତ ବିଭିନ୍ନ ଦେଶ ଉଭୟ ପକ୍ଷକୁ ସଂଯମ ରଖିବାକୁ ଅନୁରୋଧ କରିଛନ୍ତି। ବିଶେଷଜ୍ଞଙ୍କ ମତରେ ଏହି ସଂଘର୍ଷ ସମଗ୍ର ଅଞ୍ଚଳକୁ ପ୍ରଭାବିତ କରିପାରେ।

କର୍ଣ୍ଣାଟକ-ହମାସ ଯୁଦ୍ଧ ବନ୍ଦ ପାଇଁ ଚୁକ୍ତି ହୋଇପାରିବ ବୋଲି ଆଶା କରାଯାଉଥିବା ବେଳେ ଏହି ଘଟଣା ଘଟିଛି। ଇଜିପ୍ଟ ଓ କାତାର ମଧ୍ୟସ୍ଥତାରେ ଆଲୋଚନା ଚାଲିଛି। ଗାଜାରେ ମାନବିକ ସଙ୍କଟ ଗଭୀର ହେବାରେ ଲାଗିଛି। ଜାତିସଂଘ ଏହି ପରିସ୍ଥିତି ଉପରେ ଚିନ୍ତା ପ୍ରକାଶ କରିଛି ଏବଂ ତୁରନ୍ତ ଯୁଦ୍ଧବିରତି ପାଇଁ ଆହ୍ୱାନ ଦେଇଛି। ଲେବାନନ ସରକାର ମଧ୍ୟ ନିଜ ନାଗରିକଙ୍କ ସୁରକ୍ଷା ପାଇଁ ବିଭିନ୍ନ ପଦକ୍ଷେପ ନେଇଛନ୍ତି।

ଓଡ଼ିଶାରେ ଅଳ୍ପ ଦିନ ମଧ୍ୟରେ ଭାରୀ ବର୍ଷା ହେବ ବୋଲି ପାଣିପାଗ ବିଭାଗ ସୂଚନା ଦେଇଛି। ବଙ୍ଗୋପସାଗରରେ ଲଘୁଚାପ ସୃଷ୍ଟି ହେବାର ସମ୍ଭାବନା ରହିଛି। ଉପକୂଳବର୍ତ୍ତୀ ଜିଲ୍ଲାଗୁଡ଼ିକୁ ସତର୍କ ରହିବାକୁ କୁହାଯାଇଛି। ମତ୍ସ୍ୟଜୀବୀମାନଙ୍କୁ ସମୁଦ୍ରକୁ ନ ଯିବାକୁ ପରାମର୍ଶ ଦିଆଯାଇଛି।

ସତର୍କତା ଦୃଷ୍ଟିରୁ ବିପର୍ଯ୍ୟୟ ପରିଚାଳନା ବିଭାଗ ଆବଶ୍ୟକୀୟ ପ୍ରସ୍ତୁତି କରିଛି। ନିମ୍ନାଞ୍ଚଳରେ ରହୁଥିବା ଲୋକମାନଙ୍କୁ ସୁରକ୍ଷିତ ସ୍ଥାନକୁ ସ୍ଥାନାନ୍ତର କରିବା ପାଇଁ ଜିଲ୍ଲାପାଳମାନଙ୍କୁ ନିର୍ଦ୍ଦେଶ ଦିଆଯାଇଛି। ଏନଡିଆରଏଫ ଓ ଓଡ୍ରାଫ ଟିମକୁ ପ୍ରସ୍ତୁତ ରଖାଯାଇଛି। ସମସ୍ତ ବିଭାଗୀୟ କର୍ମଚାରୀଙ୍କ ଛୁଟି ବାତିଲ କରାଯାଇଛି। କଣ୍ଟ୍ରୋଲ ରୁମ ୨୪ ଘଣ୍ଟା ଖୋଲା ରହିବ।

ଓଡ଼ିଶାର ଚମ୍ପିଙ୍କୁ ...

ଚମ୍ପିଙ୍କୁ ସ୍ୱର୍ଣ୍ଣପଦକ ମିଳିବା ପରେ ରାଜ୍ୟରେ ଖୁସିର ଲହରି ଖେଳିଯାଇଛି। ମୁଖ୍ୟମନ୍ତ୍ରୀ ତାଙ୍କୁ ଅଭିନନ୍ଦନ ଜଣାଇଛନ୍ତି ଏବଂ ପୁରସ୍କାର ରାଶି ଘୋଷଣା କରିଛନ୍ତି। ସେ ଆନ୍ତର୍ଜାତିକ ସ୍ତରରେ ଓଡ଼ିଶାର ନାମ ଉଜ୍ଜ୍ୱଳ କରିଛନ୍ତି ବୋଲି ମୁଖ୍ୟମନ୍ତ୍ରୀ କହିଛନ୍ତି। କ୍ରୀଡ଼ା ବିଭାଗ ପକ୍ଷରୁ ତାଙ୍କୁ ସମ୍ବର୍ଦ୍ଧନା ଦିଆଯିବ। ତାଙ୍କ ପରିବାର ଲୋକେ ଏହି ସଫଳତାରେ ଅତ୍ୟନ୍ତ ଖୁସି। ସ୍ଥାନୀୟ ଲୋକମାନେ ମଧ୍ୟ ତାଙ୍କୁ ସ୍ୱାଗତ କରିବା ପାଇଁ ପ୍ରସ୍ତୁତି ଚଳାଇଛନ୍ତି। ଆଗାମୀ ଦିନରେ ସେ ଅଲିମ୍ପିକ ପାଇଁ ପ୍ରସ୍ତୁତ ହେବେ।

ଓଡ଼ିଶାରେ ଅଳ୍ପ ଦିନ ମଧ୍ୟରେ ଭାରୀ ବର୍ଷା ହେବ ବୋଲି ପାଣିପାଗ ବିଭାଗ ସୂଚନା ଦେଇଛି। ବଙ୍ଗୋପସାଗରରେ ଲଘୁଚାପ ସୃଷ୍ଟି ହେବାର ସମ୍ଭାବନା ରହିଛି। ଉପକୂଳବର୍ତ୍ତୀ ଜିଲ୍ଲାଗୁଡ଼ିକୁ ସତର୍କ ରହିବାକୁ କୁହାଯାଇଛି। ମତ୍ସ୍ୟଜୀବୀମାନଙ୍କୁ ସମୁଦ୍ରକୁ ନ ଯିବାକୁ ପରାମର୍ଶ ଦିଆଯାଇଛି।

୧୭ରେ ମୋଦି ବାଣ୍ଟିବେ ...

ଏହି ଯୋଜନାରେ ମହିଳାମାନଙ୍କୁ ଦୁଇଟି କିସ୍ତିରେ ଅର୍ଥ ପ୍ରଦାନ କରାଯିବ। ୨୦୨୪-୨୫ ଆର୍ଥିକ ବର୍ଷରୁ ୨୦୨୮-୨୯ ଆର୍ଥିକ ବର୍ଷ ପର୍ଯ୍ୟନ୍ତ ଏହି ଯୋଜନା କାର୍ଯ୍ୟକାରୀ ହେବ। ପ୍ରତି ବର୍ଷ ୧୦ ହଜାର ଟଙ୍କା ଲେଖାଏଁ ମୋଟ ୫୦ ହଜାର ଟଙ୍କା ହିତାଧିକାରୀଙ୍କୁ ମିଳିବ। ପ୍ରଧାନମନ୍ତ୍ରୀ ସେପ୍ଟେମ୍ବର ୧୭ ତାରିଖରେ ଭୁବନେଶ୍ୱରରେ ଏହି ଯୋଜନାର ଶୁଭାରମ୍ଭ କରିବେ। ଏଥିପାଇଁ ପ୍ରସ୍ତୁତି ଜୋରସୋରରେ ଚାଲିଛି। ଆବେଦନ ପ୍ରକ୍ରିୟା ଶେଷ ପର୍ଯ୍ୟାୟରେ ପହଞ୍ଚିଛି। ଲକ୍ଷ ଲକ୍ଷ ମହିଳା ଏହି ଯୋଜନାରେ ଆବେଦନ କରିଛନ୍ତି। ସରକାର ସମସ୍ତ ଯୋଗ୍ୟ ହିତାଧିକାରୀଙ୍କୁ ଯୋଜନାର ଲାଭ ଦେବାକୁ ପ୍ରତିଶ୍ରୁତିବଦ୍ଧ।

ଉପମୁଖ୍ୟମନ୍ତ୍ରୀ ପ୍ରଭାତି ପରିଡ଼ା କହିଛନ୍ତି ଯେ ସୁଭଦ୍ରା ଯୋଜନା ମହିଳା ସଶକ୍ତିକରଣ ଦିଗରେ ଏକ ଐତିହାସିକ ପଦକ୍ଷେପ। ଏହି ଯୋଜନା ଦ୍ୱାରା ରାଜ୍ୟର ଏକ କୋଟିରୁ ଅଧିକ ମହିଳା ଉପକୃତ ହେବେ।

ବରିଷ୍ଠ ବୈଜ୍ଞାନିକ ...

ପ୍ରତିରକ୍ଷା ଗବେଷଣା ଓ ବିକାଶ ସଂସ୍ଥାର ବରିଷ୍ଠ ବୈଜ୍ଞାନିକ ଭାବେ ସେ ବହୁ ବର୍ଷ କାର୍ଯ୍ୟ କରିଥିଲେ। ତାଙ୍କ ପରଲୋକରେ ବୈଜ୍ଞାନିକ ମହଲରେ ଶୋକର ଛାୟା ଖେଳିଯାଇଛି। ମୁଖ୍ୟମନ୍ତ୍ରୀ ସମେତ ବିଶିଷ୍ଟ ବ୍ୟକ୍ତିମାନେ ଶୋକ ପ୍ରକାଶ କରିଛନ୍ତି।

ସତର୍କତା ଦୃଷ୍ଟିରୁ ବିପର୍ଯ୍ୟୟ ପରିଚାଳନା ବିଭାଗ ଆବଶ୍ୟକୀୟ ପ୍ରସ୍ତୁତି କରିଛି। ନିମ୍ନାଞ୍ଚଳରେ ରହୁଥିବା ଲୋକମାନଙ୍କୁ ସୁରକ୍ଷିତ ସ୍ଥାନକୁ ସ୍ଥାନାନ୍ତର କରିବା ପାଇଁ ଜିଲ୍ଲାପାଳମାନଙ୍କୁ ନିର୍ଦ୍ଦେଶ ଦିଆଯାଇଛି। ଏନଡିଆରଏଫ ଓ ଓଡ୍ରାଫ ଟିମକୁ ପ୍ରସ୍ତୁତ ରଖାଯାଇଛି। ସମସ୍ତ ବିଭାଗୀୟ କର୍ମଚାରୀଙ୍କ ଛୁଟି ବାତିଲ କରାଯାଇଛି। କଣ୍ଟ୍ରୋଲ ରୁମ ୨୪ ଘଣ୍ଟା ଖୋଲା ରହିବ।
